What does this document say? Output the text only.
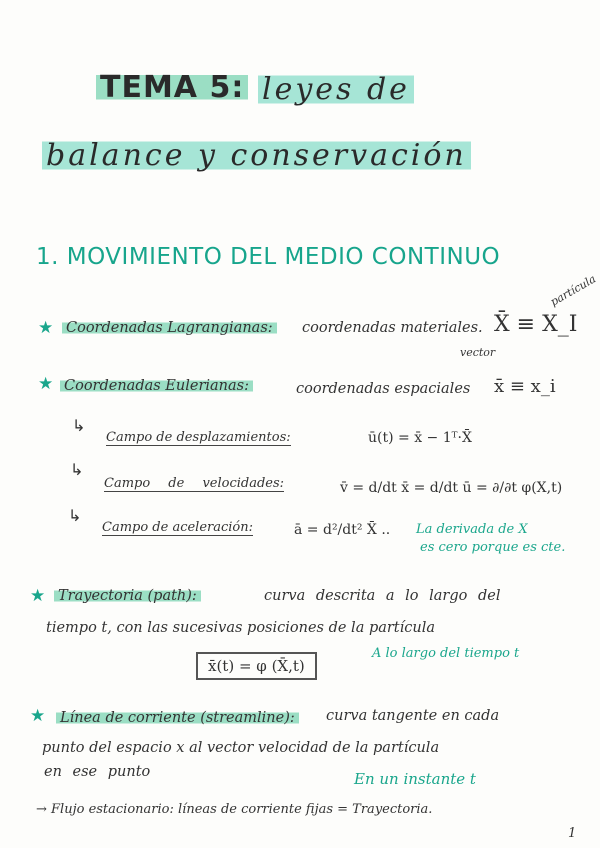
TEMA 5: leyes de
balance y conservación
1. MOVIMIENTO DEL MEDIO CONTINUO
★ Coordenadas Lagrangianas: coordenadas materiales. X̄ ≡ X_I
partícula
vector
★ Coordenadas Eulerianas:	coordenadas espaciales x̄ ≡ x_i
↳
Campo de desplazamientos:	ū(t) = x̄ − 1ᵀ·X̄
↳
Campo de velocidades:	v̄ = d/dt x̄ = d/dt ū = ∂/∂t φ(X,t)
↳
Campo de aceleración:	ā = d²/dt² X̄ .. La derivada de X
es cero porque es cte.
★ Trayectoria (path):	curva descrita a lo largo del
tiempo t, con las sucesivas posiciones de la partícula
x̄(t) = φ (X̄,t)
A lo largo del tiempo t
★ Línea de corriente (streamline): curva tangente en cada
punto del espacio x al vector velocidad de la partícula
en ese punto	En un instante t
→ Flujo estacionario: líneas de corriente fijas = Trayectoria.
1
